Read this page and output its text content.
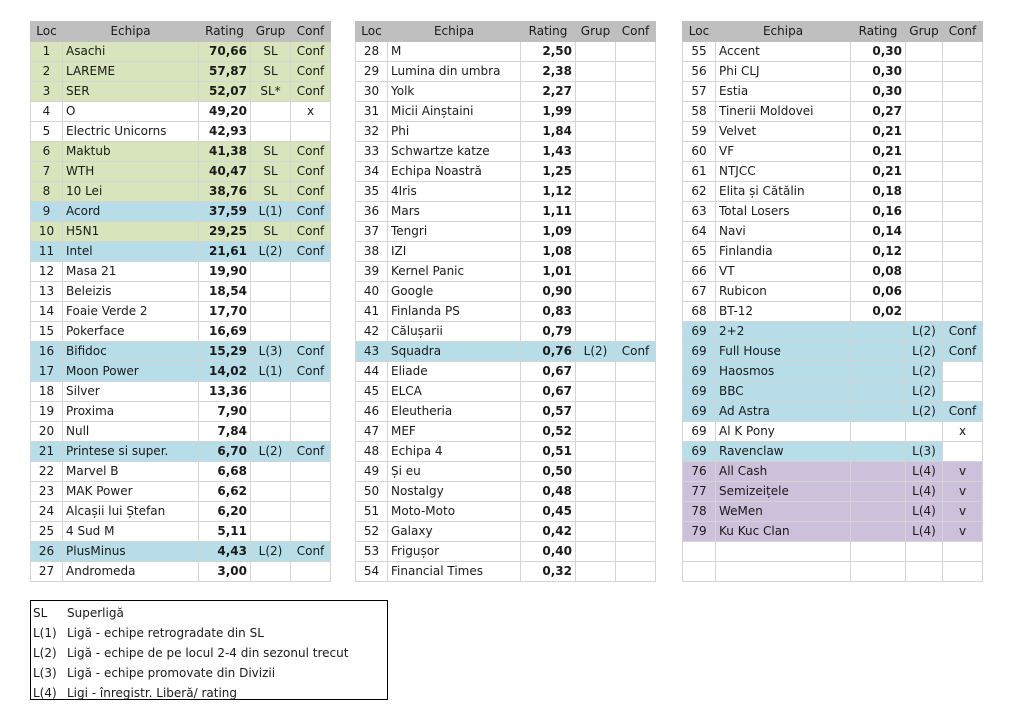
Loc	Echipa	Rating	Grup	Conf
1	Asachi	70,66	SL	Conf
2	LAREME	57,87	SL	Conf
3	SER	52,07	SL*	Conf
4	O	49,20		x
5	Electric Unicorns	42,93		
6	Maktub	41,38	SL	Conf
7	WTH	40,47	SL	Conf
8	10 Lei	38,76	SL	Conf
9	Acord	37,59	L(1)	Conf
10	H5N1	29,25	SL	Conf
11	Intel	21,61	L(2)	Conf
12	Masa 21	19,90		
13	Beleizis	18,54		
14	Foaie Verde 2	17,70		
15	Pokerface	16,69		
16	Bifidoc	15,29	L(3)	Conf
17	Moon Power	14,02	L(1)	Conf
18	Silver	13,36		
19	Proxima	7,90		
20	Null	7,84		
21	Printese si super.	6,70	L(2)	Conf
22	Marvel B	6,68		
23	MAK Power	6,62		
24	Alcașii lui Ștefan	6,20		
25	4 Sud M	5,11		
26	PlusMinus	4,43	L(2)	Conf
27	Andromeda	3,00		
Loc	Echipa	Rating	Grup	Conf
28	M	2,50		
29	Lumina din umbra	2,38		
30	Yolk	2,27		
31	Micii Ainștaini	1,99		
32	Phi	1,84		
33	Schwartze katze	1,43		
34	Echipa Noastră	1,25		
35	4Iris	1,12		
36	Mars	1,11		
37	Tengri	1,09		
38	IZI	1,08		
39	Kernel Panic	1,01		
40	Google	0,90		
41	Finlanda PS	0,83		
42	Călușarii	0,79		
43	Squadra	0,76	L(2)	Conf
44	Eliade	0,67		
45	ELCA	0,67		
46	Eleutheria	0,57		
47	MEF	0,52		
48	Echipa 4	0,51		
49	Și eu	0,50		
50	Nostalgy	0,48		
51	Moto-Moto	0,45		
52	Galaxy	0,42		
53	Frigușor	0,40		
54	Financial Times	0,32		
Loc	Echipa	Rating	Grup	Conf
55	Accent	0,30		
56	Phi CLJ	0,30		
57	Estia	0,30		
58	Tinerii Moldovei	0,27		
59	Velvet	0,21		
60	VF	0,21		
61	NTJCC	0,21		
62	Elita și Cătălin	0,18		
63	Total Losers	0,16		
64	Navi	0,14		
65	Finlandia	0,12		
66	VT	0,08		
67	Rubicon	0,06		
68	BT-12	0,02		
69	2+2		L(2)	Conf
69	Full House		L(2)	Conf
69	Haosmos		L(2)	
69	BBC		L(2)	
69	Ad Astra		L(2)	Conf
69	Al K Pony			x
69	Ravenclaw		L(3)	
76	All Cash		L(4)	v
77	Semizeițele		L(4)	v
78	WeMen		L(4)	v
79	Ku Kuc Clan		L(4)	v

SL	Superligă
L(1) Ligă - echipe retrogradate din SL
L(2) Ligă - echipe de pe locul 2-4 din sezonul trecut
L(3) Ligă - echipe promovate din Divizii
L(4) Ligi - înregistr. Liberă/ rating
